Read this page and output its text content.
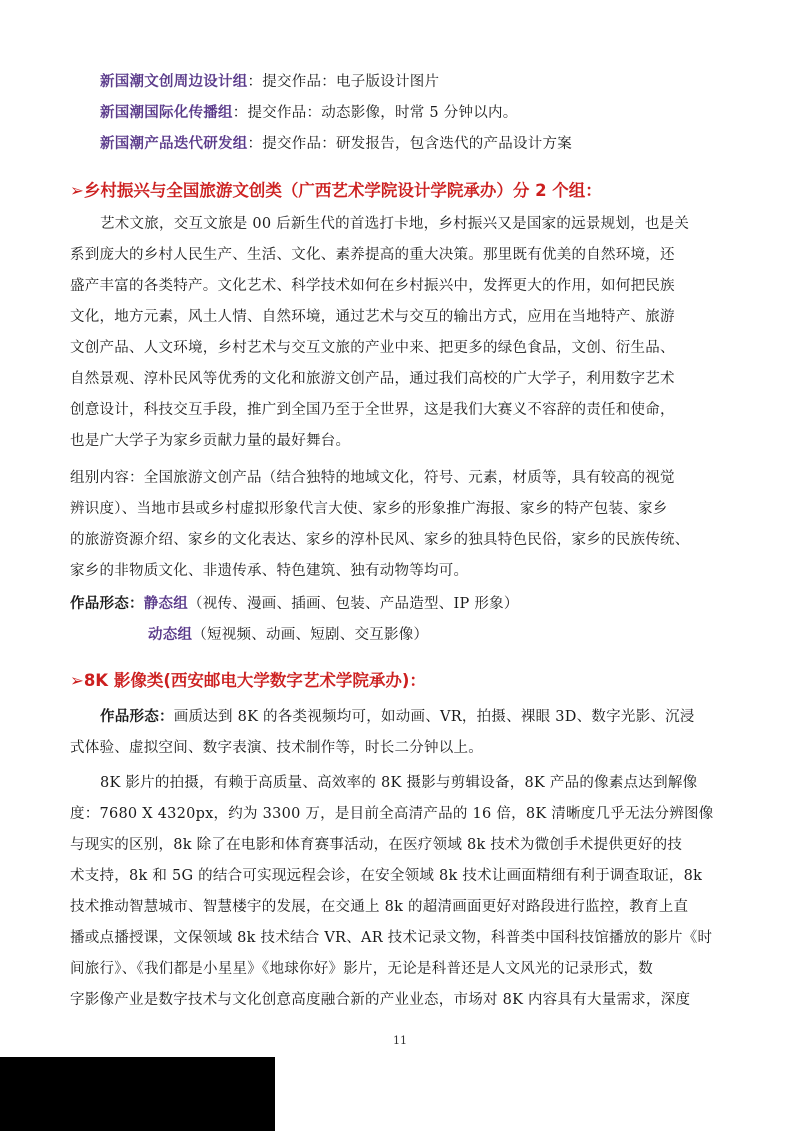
新国潮文创周边设计组：提交作品：电子版设计图片
新国潮国际化传播组：提交作品：动态影像，时常 5 分钟以内。
新国潮产品迭代研发组：提交作品：研发报告，包含迭代的产品设计方案
➢乡村振兴与全国旅游文创类（广西艺术学院设计学院承办）分 2 个组：
艺术文旅，交互文旅是 00 后新生代的首选打卡地，乡村振兴又是国家的远景规划，也是关
系到庞大的乡村人民生产、生活、文化、素养提高的重大决策。那里既有优美的自然环境，还
盛产丰富的各类特产。文化艺术、科学技术如何在乡村振兴中，发挥更大的作用，如何把民族
文化，地方元素，风土人情、自然环境，通过艺术与交互的输出方式，应用在当地特产、旅游
文创产品、人文环境，乡村艺术与交互文旅的产业中来、把更多的绿色食品，文创、衍生品、
自然景观、淳朴民风等优秀的文化和旅游文创产品，通过我们高校的广大学子，利用数字艺术
创意设计，科技交互手段，推广到全国乃至于全世界，这是我们大赛义不容辞的责任和使命，
也是广大学子为家乡贡献力量的最好舞台。
组别内容：全国旅游文创产品（结合独特的地域文化，符号、元素，材质等，具有较高的视觉
辨识度）、当地市县或乡村虚拟形象代言大使、家乡的形象推广海报、家乡的特产包装、家乡
的旅游资源介绍、家乡的文化表达、家乡的淳朴民风、家乡的独具特色民俗，家乡的民族传统、
家乡的非物质文化、非遗传承、特色建筑、独有动物等均可。
作品形态：静态组（视传、漫画、插画、包装、产品造型、IP 形象）
动态组（短视频、动画、短剧、交互影像）
➢8K 影像类(西安邮电大学数字艺术学院承办)：
作品形态：画质达到 8K 的各类视频均可，如动画、VR，拍摄、裸眼 3D、数字光影、沉浸
式体验、虚拟空间、数字表演、技术制作等，时长二分钟以上。
8K 影片的拍摄，有赖于高质量、高效率的 8K 摄影与剪辑设备，8K 产品的像素点达到解像
度：7680 X 4320px，约为 3300 万，是目前全高清产品的 16 倍，8K 清晰度几乎无法分辨图像
与现实的区别，8k 除了在电影和体育赛事活动，在医疗领域 8k 技术为微创手术提供更好的技
术支持，8k 和 5G 的结合可实现远程会诊，在安全领域 8k 技术让画面精细有利于调查取证，8k
技术推动智慧城市、智慧楼宇的发展，在交通上 8k 的超清画面更好对路段进行监控，教育上直
播或点播授课，文保领域 8k 技术结合 VR、AR 技术记录文物，科普类中国科技馆播放的影片《时
间旅行》、《我们都是小星星》《地球你好》影片，无论是科普还是人文风光的记录形式，数
字影像产业是数字技术与文化创意高度融合新的产业业态，市场对 8K 内容具有大量需求，深度
11
